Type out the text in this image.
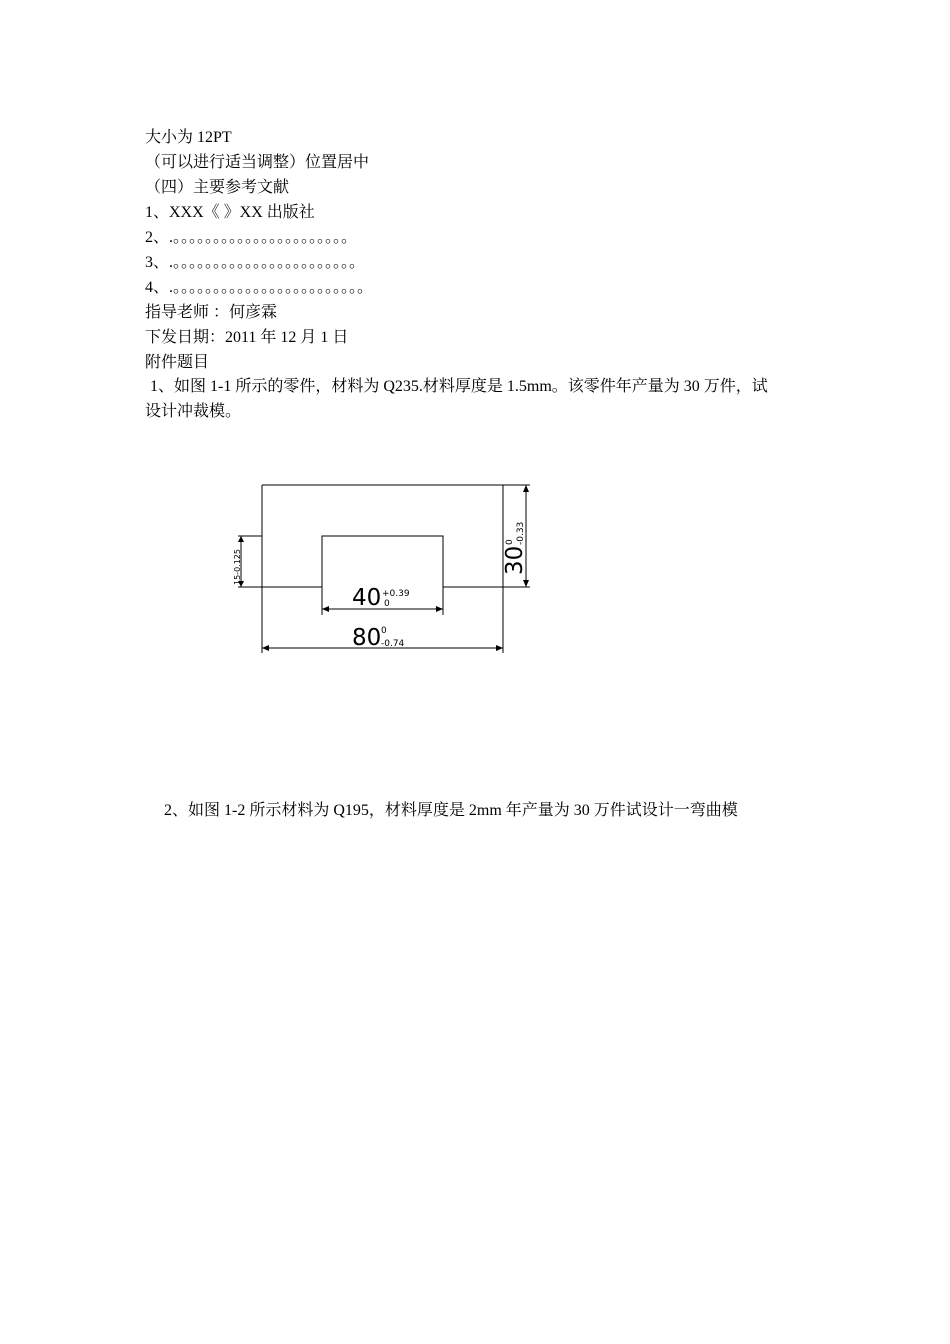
大小为 12PT
（可以进行适当调整）位置居中
（四）主要参考文献
1、XXX《 》XX 出版社
2、.。。。。。。。。。。。。。。。。。。。。。。
3、.。。。。。。。。。。。。。。。。。。。。。。。
4、.。。。。。。。。。。。。。。。。。。。。。。。。
指导老师 ：何彦霖
下发日期：2011 年 12 月 1 日
附件题目
1、如图 1-1 所示的零件，材料为 Q235.材料厚度是 1.5mm。该零件年产量为 30 万件，试
设计冲裁模。
80 0
-0.74
40 +0.39
0
30
0 -0.33
15-0.125
2、如图 1-2 所示材料为 Q195，材料厚度是 2mm 年产量为 30 万件试设计一弯曲模
